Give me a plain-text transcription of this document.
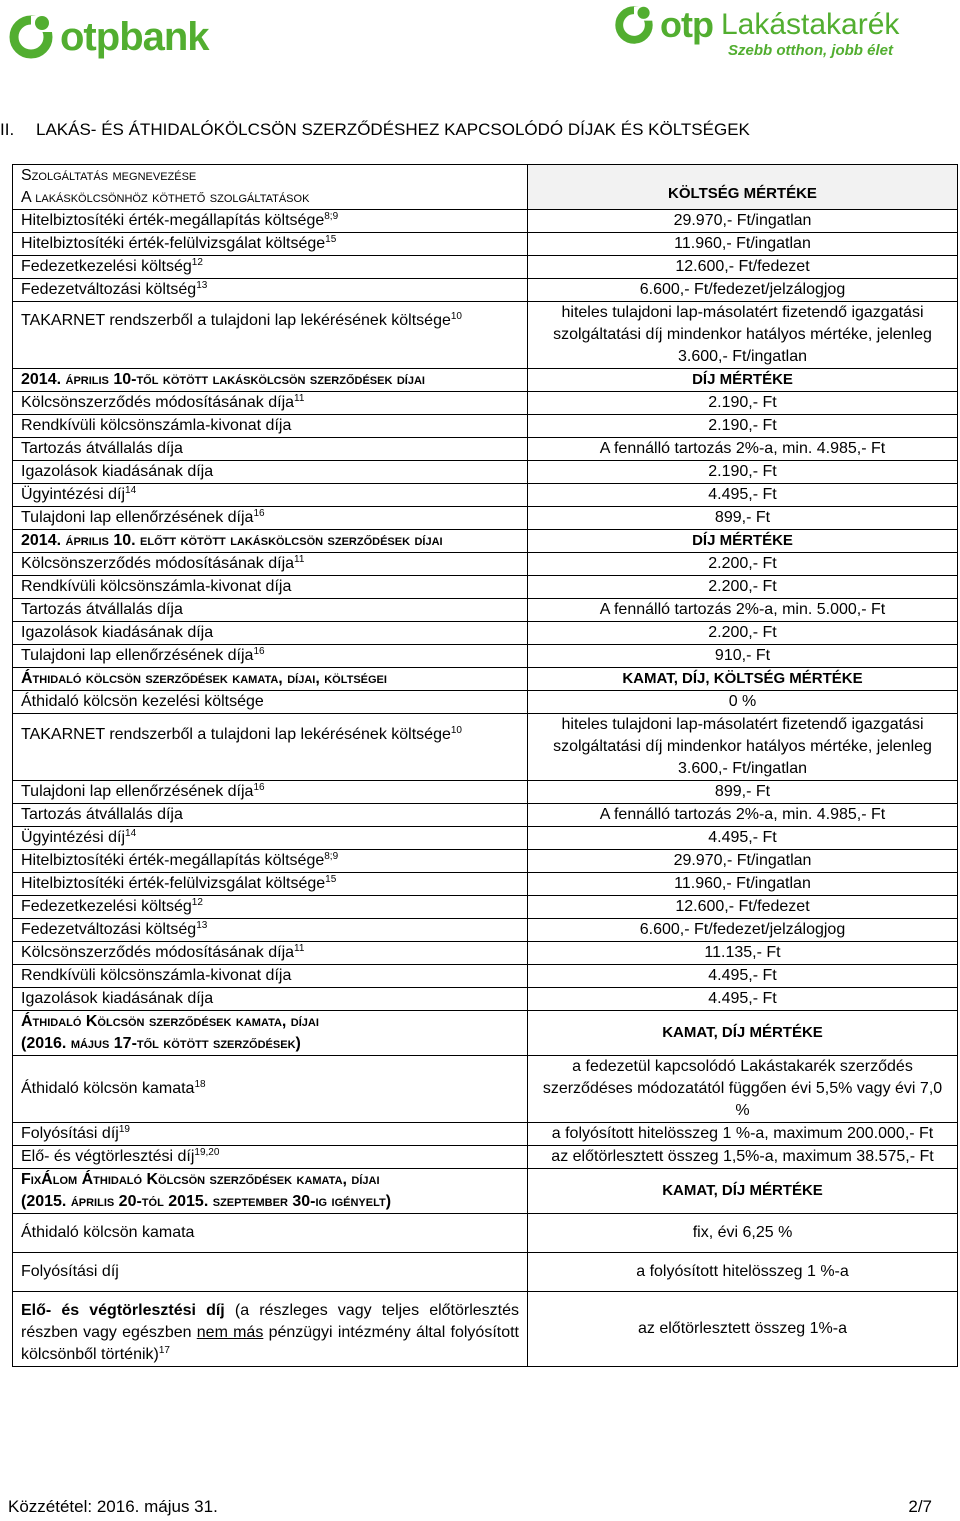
otpbank	otp Lakástakarék
Szebb otthon, jobb élet
II. LAKÁS- ÉS ÁTHIDALÓKÖLCSÖN SZERZŐDÉSHEZ KAPCSOLÓDÓ DÍJAK ÉS KÖLTSÉGEK
Szolgáltatás megnevezése
A lakáskölcsönhöz köthető szolgáltatások	KÖLTSÉG MÉRTÉKE
Hitelbiztosítéki érték-megállapítás költsége$^{8;9}$	29.970,- Ft/ingatlan
Hitelbiztosítéki érték-felülvizsgálat költsége$^{15}$	11.960,- Ft/ingatlan
Fedezetkezelési költség$^{12}$	12.600,- Ft/fedezet
Fedezetváltozási költség$^{13}$	6.600,- Ft/fedezet/jelzálogjog
TAKARNET rendszerből a tulajdoni lap lekérésének költsége$^{10}$	hiteles tulajdoni lap-másolatért fizetendő igazgatási szolgáltatási díj mindenkor hatályos mértéke, jelenleg 3.600,- Ft/ingatlan
2014. április 10-től kötött lakáskölcsön szerződések díjai	DÍJ MÉRTÉKE
Kölcsönszerződés módosításának díja$^{11}$	2.190,- Ft
Rendkívüli kölcsönszámla-kivonat díja	2.190,- Ft
Tartozás átvállalás díja	A fennálló tartozás 2%-a, min. 4.985,- Ft
Igazolások kiadásának díja	2.190,- Ft
Ügyintézési díj$^{14}$	4.495,- Ft
Tulajdoni lap ellenőrzésének díja$^{16}$	899,- Ft
2014. április 10. előtt kötött lakáskölcsön szerződések díjai	DÍJ MÉRTÉKE
Kölcsönszerződés módosításának díja$^{11}$	2.200,- Ft
Rendkívüli kölcsönszámla-kivonat díja	2.200,- Ft
Tartozás átvállalás díja	A fennálló tartozás 2%-a, min. 5.000,- Ft
Igazolások kiadásának díja	2.200,- Ft
Tulajdoni lap ellenőrzésének díja$^{16}$	910,- Ft
Áthidaló kölcsön szerződések kamata, díjai, költségei	KAMAT, DÍJ, KÖLTSÉG MÉRTÉKE
Áthidaló kölcsön kezelési költsége	0 %
TAKARNET rendszerből a tulajdoni lap lekérésének költsége$^{10}$	hiteles tulajdoni lap-másolatért fizetendő igazgatási szolgáltatási díj mindenkor hatályos mértéke, jelenleg 3.600,- Ft/ingatlan
Tulajdoni lap ellenőrzésének díja$^{16}$	899,- Ft
Tartozás átvállalás díja	A fennálló tartozás 2%-a, min. 4.985,- Ft
Ügyintézési díj$^{14}$	4.495,- Ft
Hitelbiztosítéki érték-megállapítás költsége$^{8;9}$	29.970,- Ft/ingatlan
Hitelbiztosítéki érték-felülvizsgálat költsége$^{15}$	11.960,- Ft/ingatlan
Fedezetkezelési költség$^{12}$	12.600,- Ft/fedezet
Fedezetváltozási költség$^{13}$	6.600,- Ft/fedezet/jelzálogjog
Kölcsönszerződés módosításának díja$^{11}$	11.135,- Ft
Rendkívüli kölcsönszámla-kivonat díja	4.495,- Ft
Igazolások kiadásának díja	4.495,- Ft
Áthidaló Kölcsön szerződések kamata, díjai
(2016. május 17-től kötött szerződések)	KAMAT, DÍJ MÉRTÉKE
Áthidaló kölcsön kamata$^{18}$	a fedezetül kapcsolódó Lakástakarék szerződés szerződéses módozatától függően évi 5,5% vagy évi 7,0 %
Folyósítási díj$^{19}$	a folyósított hitelösszeg 1 %-a, maximum 200.000,- Ft
Elő- és végtörlesztési díj$^{19,20}$	az előtörlesztett összeg 1,5%-a, maximum 38.575,- Ft
FixÁlom Áthidaló Kölcsön szerződések kamata, díjai
(2015. április 20-tól 2015. szeptember 30-ig igényelt)	KAMAT, DÍJ MÉRTÉKE
Áthidaló kölcsön kamata	fix, évi 6,25 %
Folyósítási díj	a folyósított hitelösszeg 1 %-a
Elő- és végtörlesztési díj (a részleges vagy teljes előtörlesztés részben vagy egészben nem más pénzügyi intézmény által folyósított kölcsönből történik)$^{17}$	az előtörlesztett összeg 1%-a
Közzététel: 2016. május 31.	2/7
